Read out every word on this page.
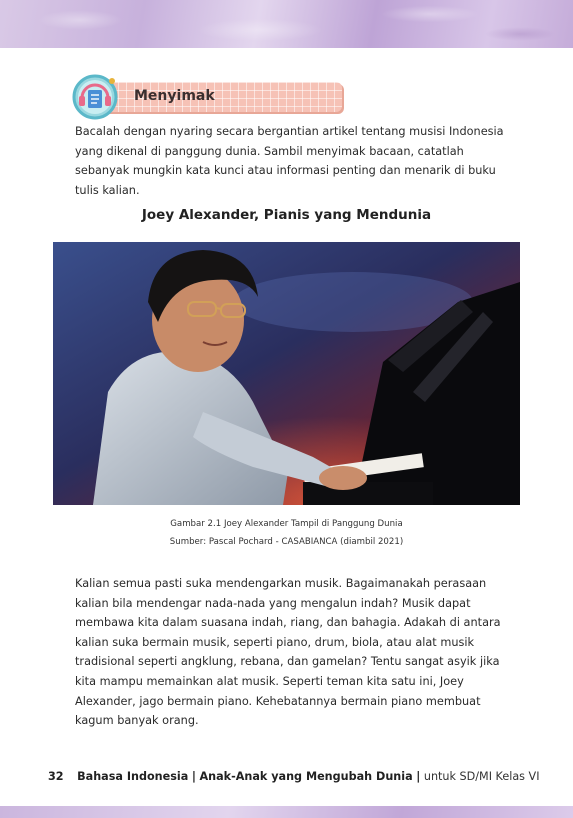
Menyimak

Bacalah dengan nyaring secara bergantian artikel tentang musisi Indonesia yang dikenal di panggung dunia. Sambil menyimak bacaan, catatlah sebanyak mungkin kata kunci atau informasi penting dan menarik di buku tulis kalian.

Joey Alexander, Pianis yang Mendunia
Gambar 2.1 Joey Alexander Tampil di Panggung Dunia
Sumber: Pascal Pochard - CASABIANCA (diambil 2021)

Kalian semua pasti suka mendengarkan musik. Bagaimanakah perasaan kalian bila mendengar nada-nada yang mengalun indah? Musik dapat membawa kita dalam suasana indah, riang, dan bahagia. Adakah di antara kalian suka bermain musik, seperti piano, drum, biola, atau alat musik tradisional seperti angklung, rebana, dan gamelan? Tentu sangat asyik jika kita mampu memainkan alat musik. Seperti teman kita satu ini, Joey Alexander, jago bermain piano. Kehebatannya bermain piano membuat kagum banyak orang.

32 Bahasa Indonesia | Anak-Anak yang Mengubah Dunia | untuk SD/MI Kelas VI
